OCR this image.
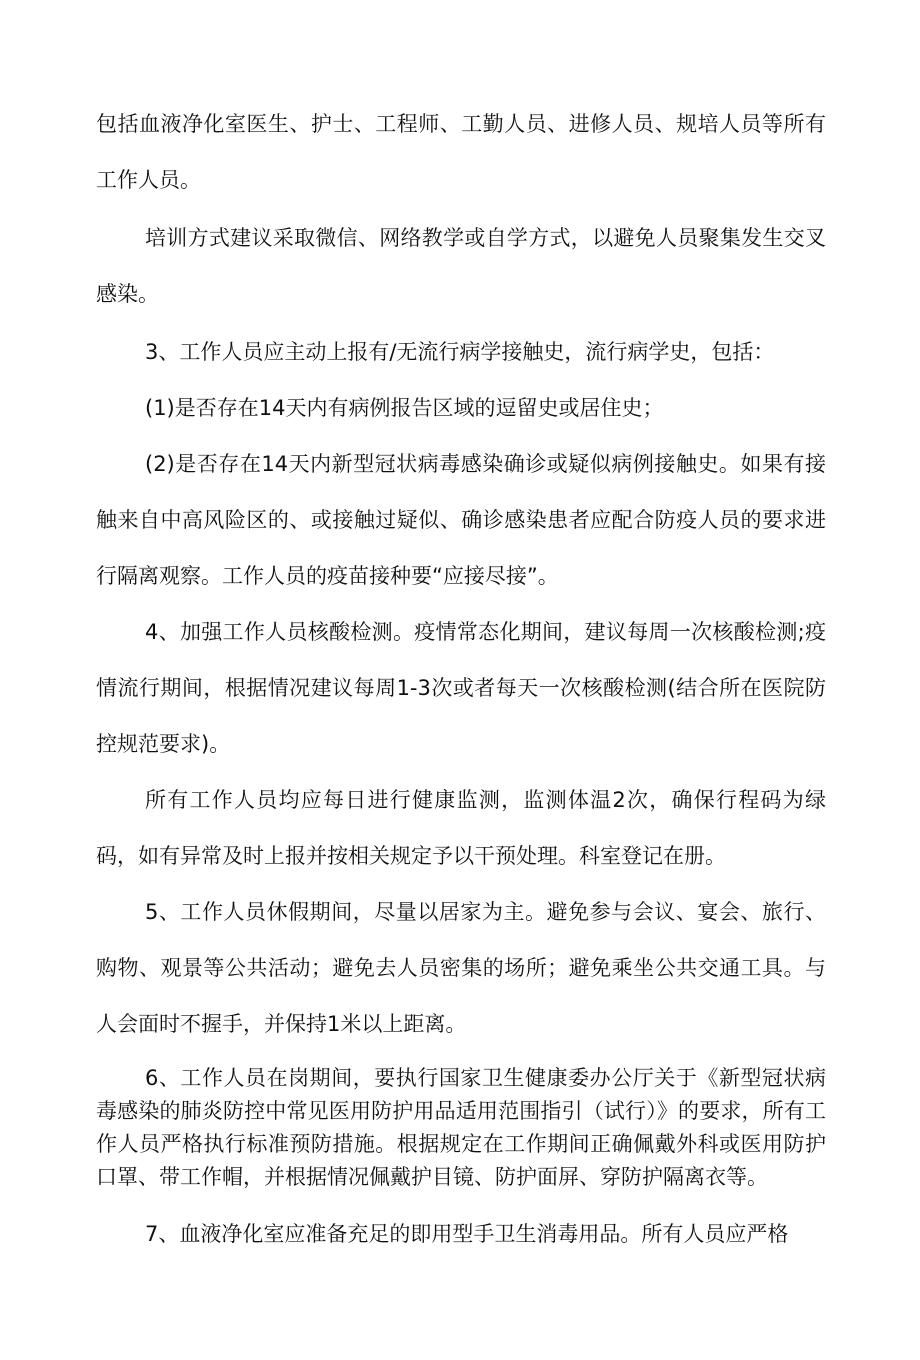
包括血液净化室医生、护士、工程师、工勤人员、进修人员、规培人员等所有工作人员。

培训方式建议采取微信、网络教学或自学方式，以避免人员聚集发生交叉感染。

3、工作人员应主动上报有/无流行病学接触史，流行病学史，包括：

(1)是否存在14天内有病例报告区域的逗留史或居住史；

(2)是否存在14天内新型冠状病毒感染确诊或疑似病例接触史。如果有接触来自中高风险区的、或接触过疑似、确诊感染患者应配合防疫人员的要求进行隔离观察。工作人员的疫苗接种要“应接尽接”。

4、加强工作人员核酸检测。疫情常态化期间，建议每周一次核酸检测;疫情流行期间，根据情况建议每周1-3次或者每天一次核酸检测(结合所在医院防控规范要求)。

所有工作人员均应每日进行健康监测，监测体温2次，确保行程码为绿码，如有异常及时上报并按相关规定予以干预处理。科室登记在册。

5、工作人员休假期间，尽量以居家为主。避免参与会议、宴会、旅行、购物、观景等公共活动；避免去人员密集的场所；避免乘坐公共交通工具。与人会面时不握手，并保持1米以上距离。

6、工作人员在岗期间，要执行国家卫生健康委办公厅关于《新型冠状病毒感染的肺炎防控中常见医用防护用品适用范围指引（试行）》的要求，所有工作人员严格执行标准预防措施。根据规定在工作期间正确佩戴外科或医用防护口罩、带工作帽，并根据情况佩戴护目镜、防护面屏、穿防护隔离衣等。

7、血液净化室应准备充足的即用型手卫生消毒用品。所有人员应严格
